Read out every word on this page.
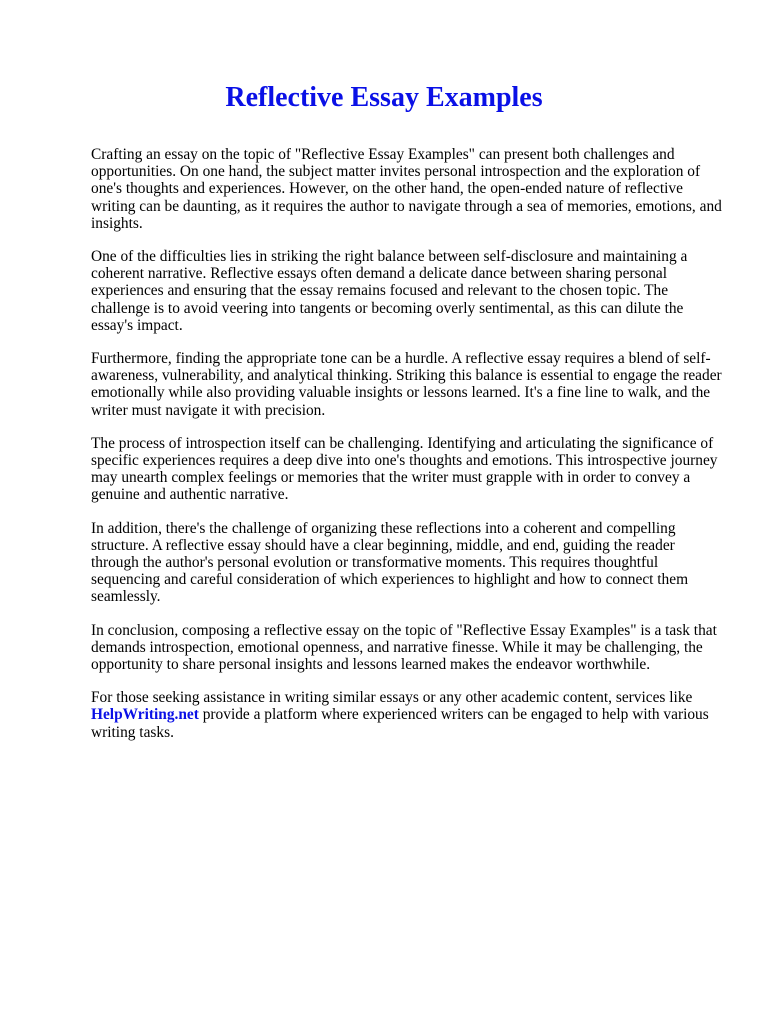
Reflective Essay Examples

Crafting an essay on the topic of "Reflective Essay Examples" can present both challenges and opportunities. On one hand, the subject matter invites personal introspection and the exploration of one's thoughts and experiences. However, on the other hand, the open-ended nature of reflective writing can be daunting, as it requires the author to navigate through a sea of memories, emotions, and insights.

One of the difficulties lies in striking the right balance between self-disclosure and maintaining a coherent narrative. Reflective essays often demand a delicate dance between sharing personal experiences and ensuring that the essay remains focused and relevant to the chosen topic. The challenge is to avoid veering into tangents or becoming overly sentimental, as this can dilute the essay's impact.

Furthermore, finding the appropriate tone can be a hurdle. A reflective essay requires a blend of self-awareness, vulnerability, and analytical thinking. Striking this balance is essential to engage the reader emotionally while also providing valuable insights or lessons learned. It's a fine line to walk, and the writer must navigate it with precision.

The process of introspection itself can be challenging. Identifying and articulating the significance of specific experiences requires a deep dive into one's thoughts and emotions. This introspective journey may unearth complex feelings or memories that the writer must grapple with in order to convey a genuine and authentic narrative.

In addition, there's the challenge of organizing these reflections into a coherent and compelling structure. A reflective essay should have a clear beginning, middle, and end, guiding the reader through the author's personal evolution or transformative moments. This requires thoughtful sequencing and careful consideration of which experiences to highlight and how to connect them seamlessly.

In conclusion, composing a reflective essay on the topic of "Reflective Essay Examples" is a task that demands introspection, emotional openness, and narrative finesse. While it may be challenging, the opportunity to share personal insights and lessons learned makes the endeavor worthwhile.

For those seeking assistance in writing similar essays or any other academic content, services like HelpWriting.net provide a platform where experienced writers can be engaged to help with various writing tasks.
